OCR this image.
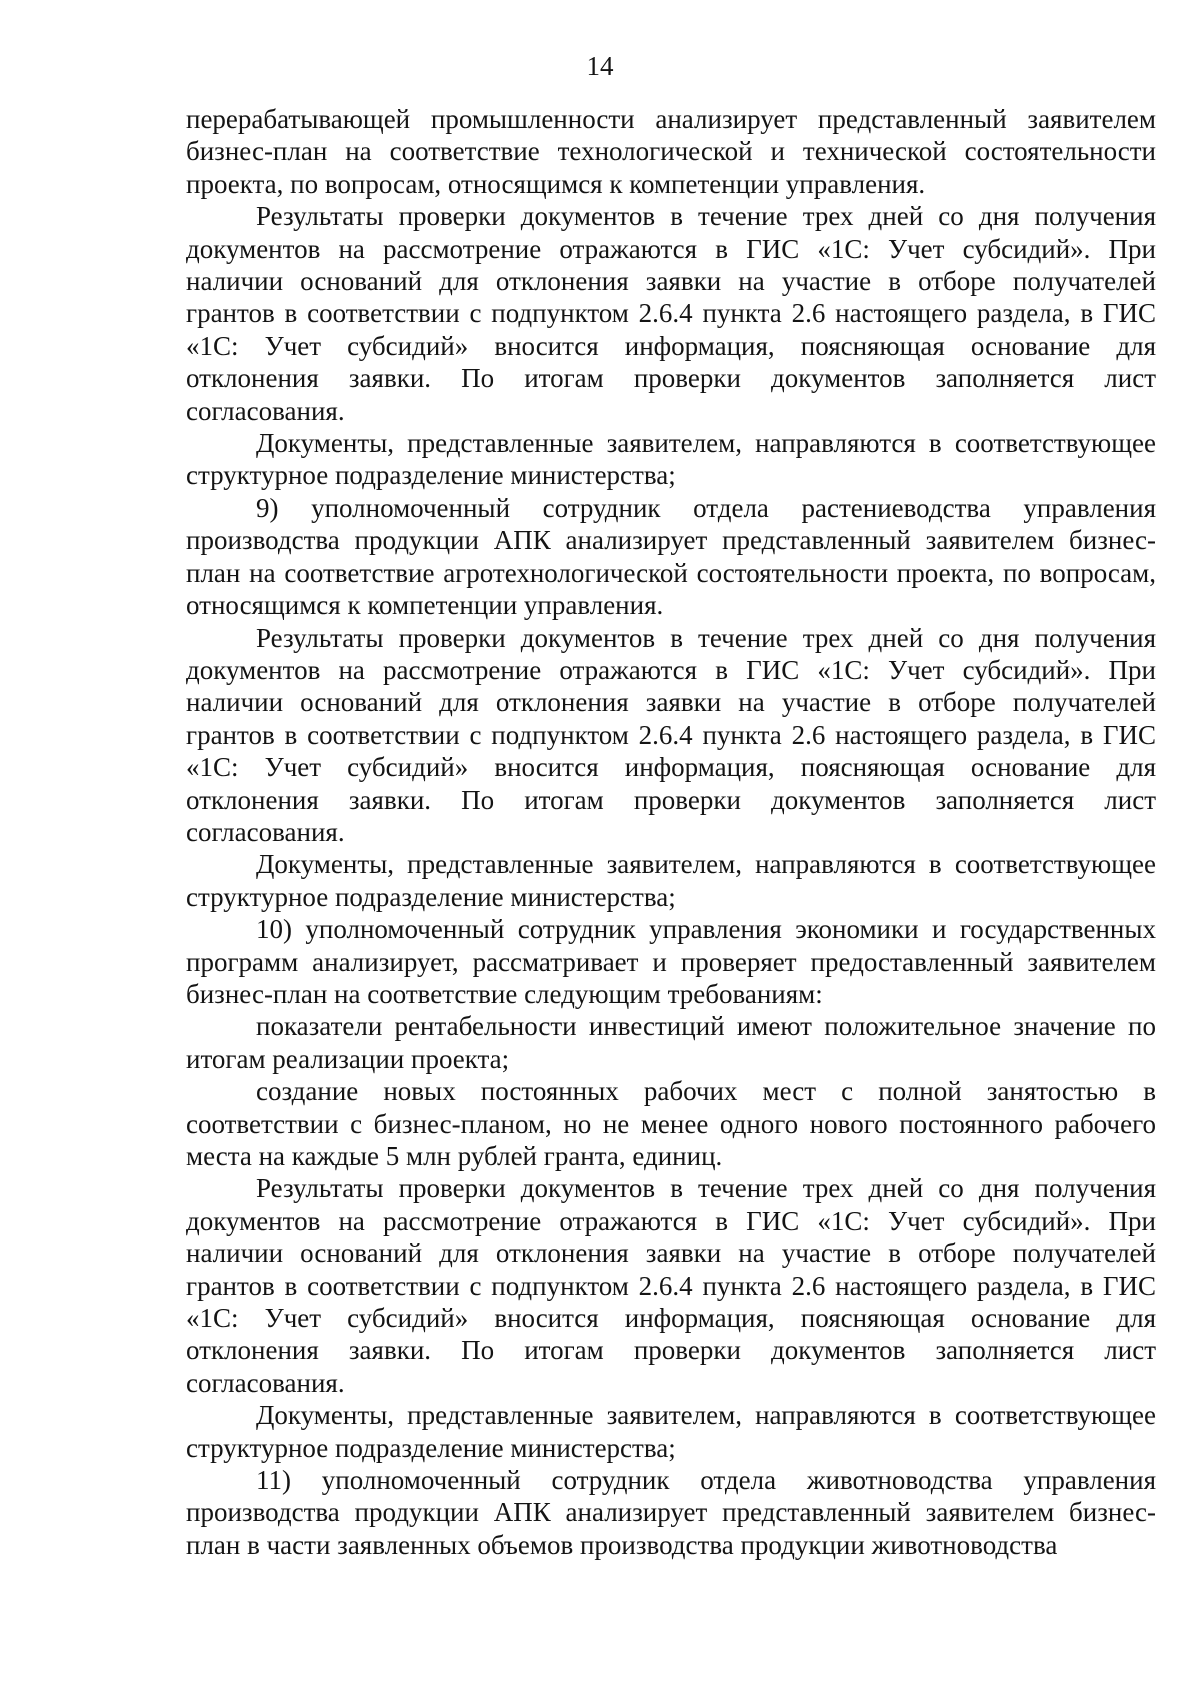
14

перерабатывающей промышленности анализирует представленный заявителем бизнес-план на соответствие технологической и технической состоятельности проекта, по вопросам, относящимся к компетенции управления.

Результаты проверки документов в течение трех дней со дня получения документов на рассмотрение отражаются в ГИС «1С: Учет субсидий». При наличии оснований для отклонения заявки на участие в отборе получателей грантов в соответствии с подпунктом 2.6.4 пункта 2.6 настоящего раздела, в ГИС «1С: Учет субсидий» вносится информация, поясняющая основание для отклонения заявки. По итогам проверки документов заполняется лист согласования.

Документы, представленные заявителем, направляются в соответствующее структурное подразделение министерства;

9) уполномоченный сотрудник отдела растениеводства управления производства продукции АПК анализирует представленный заявителем бизнес-план на соответствие агротехнологической состоятельности проекта, по вопросам, относящимся к компетенции управления.

Результаты проверки документов в течение трех дней со дня получения документов на рассмотрение отражаются в ГИС «1С: Учет субсидий». При наличии оснований для отклонения заявки на участие в отборе получателей грантов в соответствии с подпунктом 2.6.4 пункта 2.6 настоящего раздела, в ГИС «1С: Учет субсидий» вносится информация, поясняющая основание для отклонения заявки. По итогам проверки документов заполняется лист согласования.

Документы, представленные заявителем, направляются в соответствующее структурное подразделение министерства;

10) уполномоченный сотрудник управления экономики и государственных программ анализирует, рассматривает и проверяет предоставленный заявителем бизнес-план на соответствие следующим требованиям:

показатели рентабельности инвестиций имеют положительное значение по итогам реализации проекта;

создание новых постоянных рабочих мест с полной занятостью в соответствии с бизнес-планом, но не менее одного нового постоянного рабочего места на каждые 5 млн рублей гранта, единиц.

Результаты проверки документов в течение трех дней со дня получения документов на рассмотрение отражаются в ГИС «1С: Учет субсидий». При наличии оснований для отклонения заявки на участие в отборе получателей грантов в соответствии с подпунктом 2.6.4 пункта 2.6 настоящего раздела, в ГИС «1С: Учет субсидий» вносится информация, поясняющая основание для отклонения заявки. По итогам проверки документов заполняется лист согласования.

Документы, представленные заявителем, направляются в соответствующее структурное подразделение министерства;

11) уполномоченный сотрудник отдела животноводства управления производства продукции АПК анализирует представленный заявителем бизнес-план в части заявленных объемов производства продукции животноводства
